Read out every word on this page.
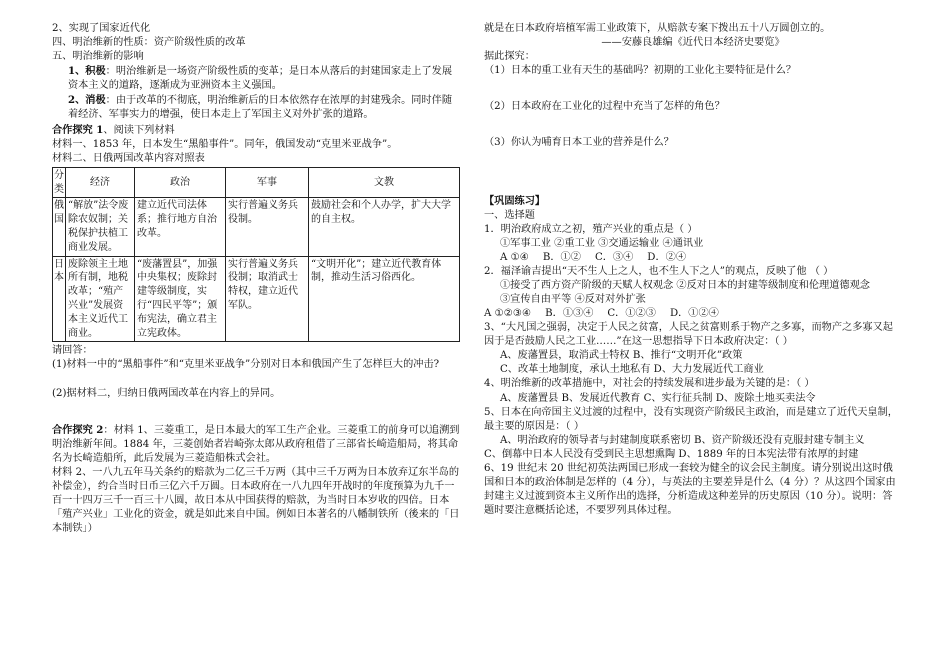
2、实现了国家近代化

四、明治维新的性质：资产阶级性质的改革

五、明治维新的影响

1、积极：明治维新是一场资产阶级性质的变革；是日本从落后的封建国家走上了发展资本主义的道路，逐渐成为亚洲资本主义强国。

2、消极：由于改革的不彻底，明治维新后的日本依然存在浓厚的封建残余。同时伴随着经济、军事实力的增强，使日本走上了军国主义对外扩张的道路。

合作探究 1、阅读下列材料

材料一、1853 年，日本发生“黑船事件”。同年，俄国发动“克里米亚战争”。

材料二、日俄两国改革内容对照表

分类	经济	政治	军事	文教
俄国	“解放”法令废除农奴制；关税保护扶植工商业发展。	建立近代司法体系；推行地方自治改革。	实行普遍义务兵役制。	鼓励社会和个人办学，扩大大学的自主权。
日本	废除领主土地所有制，地税改革；“殖产兴业”发展资本主义近代工商业。	“废藩置县”，加强中央集权；废除封建等级制度，实行“四民平等”；颁布宪法，确立君主立宪政体。	实行普遍义务兵役制；取消武士特权，建立近代军队。	“文明开化”；建立近代教育体制，推动生活习俗西化。

请回答：

(1)材料一中的“黑船事件”和“克里米亚战争”分别对日本和俄国产生了怎样巨大的冲击?

(2)据材料二，归纳日俄两国改革在内容上的异同。

合作探究 2：材料 1、三菱重工，是日本最大的军工生产企业。三菱重工的前身可以追溯到明治维新年间。1884 年，三菱创始者岩崎弥太郎从政府租借了三部省长崎造船局，将其命名为长崎造船所，此后发展为三菱造船株式会社。

材料 2、一八九五年马关条约的赔款为二亿三千万两（其中三千万两为日本放弃辽东半岛的补偿金），约合当时日币三亿六千万圆。日本政府在一八九四年开战时的年度预算为九千一百一十四万三千一百三十八圆，故日本从中国获得的赔款，为当时日本岁收的四倍。日本「殖产兴业」工业化的资金，就是如此来自中国。例如日本著名的八幡制铁所（後来的「日本制铁」）

就是在日本政府培植军需工业政策下，从赔款专案下拨出五十八万圆创立的。

——安藤良雄编《近代日本经济史要览》

据此探究：

（1）日本的重工业有天生的基础吗？初期的工业化主要特征是什么？

（2）日本政府在工业化的过程中充当了怎样的角色？

（3）你认为哺育日本工业的营养是什么？

【巩固练习】

一、选择题

1．明治政府成立之初，殖产兴业的重点是（ ）

①军事工业 ②重工业 ③交通运输业 ④通讯业

A ①④ B．①② C．③④ D．②④

2．福泽谕吉提出“天不生人上之人，也不生人下之人”的观点，反映了他 （ ）

①接受了西方资产阶级的天赋人权观念 ②反对日本的封建等级制度和伦理道德观念

③宣传自由平等 ④反对对外扩张

A ①②③④ B．①③④ C．①②③ D．①②④

3、“大凡国之强弱，决定于人民之贫富，人民之贫富则系于物产之多寡，而物产之多寡又起因于是否鼓励人民之工业……”在这一思想指导下日本政府决定：（ ）

A、废藩置县，取消武士特权 B、推行“文明开化”政策

C、改革土地制度，承认土地私有 D、大力发展近代工商业

4、明治维新的改革措施中，对社会的持续发展和进步最为关键的是：（ ）

A、废藩置县 B、发展近代教育 C、实行征兵制 D、废除土地买卖法令

5、日本在向帝国主义过渡的过程中，没有实现资产阶级民主政治，而是建立了近代天皇制，最主要的原因是：（ ）

A、明治政府的领导者与封建制度联系密切 B、资产阶级还没有克服封建专制主义

C、倒幕中日本人民没有受到民主思想熏陶 D、1889 年的日本宪法带有浓厚的封建

6、19 世纪末 20 世纪初英法两国已形成一套较为健全的议会民主制度。请分别说出这时俄国和日本的政治体制是怎样的（4 分），与英法的主要差异是什么（4 分）？从这四个国家由封建主义过渡到资本主义所作出的选择，分析造成这种差异的历史原因（10 分）。说明：答题时要注意概括论述，不要罗列具体过程。
